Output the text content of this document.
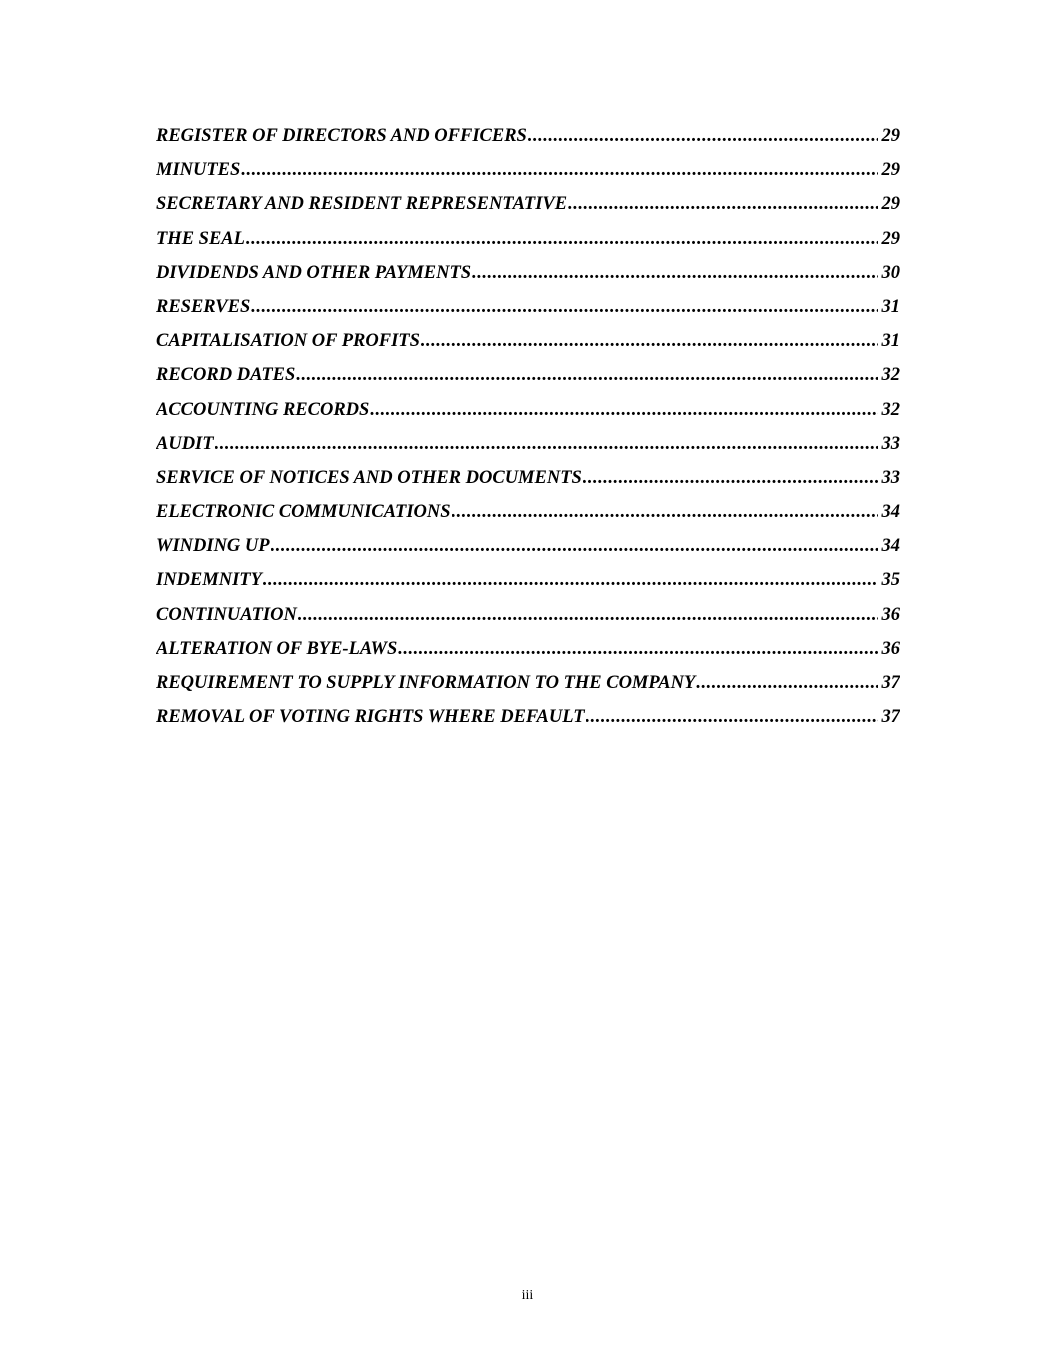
REGISTER OF DIRECTORS AND OFFICERS .....	29
MINUTES .....	29
SECRETARY AND RESIDENT REPRESENTATIVE .....	29
THE SEAL .....	29
DIVIDENDS AND OTHER PAYMENTS .....	30
RESERVES .....	31
CAPITALISATION OF PROFITS .....	31
RECORD DATES .....	32
ACCOUNTING RECORDS .....	32
AUDIT .....	33
SERVICE OF NOTICES AND OTHER DOCUMENTS .....	33
ELECTRONIC COMMUNICATIONS .....	34
WINDING UP .....	34
INDEMNITY .....	35
CONTINUATION .....	36
ALTERATION OF BYE-LAWS .....	36
REQUIREMENT TO SUPPLY INFORMATION TO THE COMPANY .....	37
REMOVAL OF VOTING RIGHTS WHERE DEFAULT .....	37
iii
